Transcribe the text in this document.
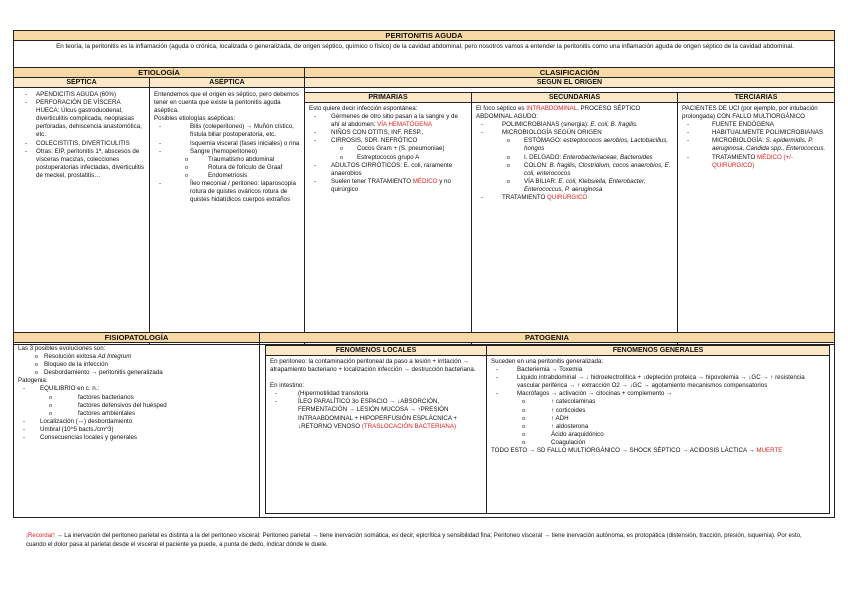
PERITONITIS AGUDA
En teoría, la peritonitis es la inflamación (aguda o crónica, localizada o generalizada, de origen séptico, químico o físico) de la cavidad abdominal, pero nosotros vamos a entender la peritonitis como una inflamación aguda de origen séptico de la cavidad abdominal.
ETIOLOGÍA
SÉPTICA	ASÉPTICA
- APENDICITIS AGUDA (60%)
- PERFORACIÓN DE VÍSCERA HUECA: Úlcus gastroduodenal, diverticulitis complicada, neoplasias perforadas, dehiscencia anastomótica, etc.
- COLECISTITIS, DIVERTICULITIS
- Otras: EIP, peritonitis 1ª, abscesos de vísceras macizas, colecciones postoperatorias infectadas, diverticulitis de meckel, prostatitis…
Entendemos que el origen es séptico, pero debemos tener en cuenta que existe la peritonitis aguda aséptica.
Posibles etiologías asépticas:
- Bilis (coleperitoneo) → Muñón cístico, fístula biliar postoperatoria, etc.
- Isquemia visceral (fases iniciales) o rina
- Sangre (hemoperitoneo)
o Traumatismo abdominal
o Rotura de folículo de Graaf
o Endometriosis
- Íleo meconial / peritoneo: laparoscopia rotura de quistes ováricos rotura de quistes hidatídicos cuerpos extraños
CLASIFICACIÓN
SEGÚN EL ORIGEN
PRIMARIAS	SECUNDARIAS	TERCIARIAS
Esto quiere decir infección espontánea:
- Gérmenes de otro sitio pasan a la sangre y de ahí al abdomen: VÍA HEMATÓGENA
- NIÑOS CON OTITIS, INF. RESP.,
- CIRROSIS, SDR. NEFRÓTICO
o Cocos Gram + (S. pneumoniae)
o Estreptococos grupo A
- ADULTOS CIRRÓTICOS: E. coli, raramente anaerobios
- Suelen tener TRATAMIENTO MÉDICO y no quirúrgico
El foco séptico es INTRABDOMINAL, PROCESO SÉPTICO ABDOMINAL AGUDO:
- POLIMICROBIANAS (sinergia): E. coli, B. fragilis.
- MICROBIOLOGÍA SEGÚN ORIGEN
o ESTÓMAGO: estreptococos aerobios, Lactobacillus, hongos
o I. DELGADO: Enterobacteriaceae, Bacteroides
o COLON: B. fragilis, Clostridium, cocos anaerobios, E. coli, enterococos
o VÍA BILIAR: E. coli, Klebsiella, Enterobacter, Enterococcus, P. aeruginosa
- TRATAMIENTO QUIRÚRGICO
PACIENTES DE UCI (por ejemplo, por intubación prolongada) CON FALLO MULTIORGÁNICO
- FUENTE ENDÓGENA
- HABITUALMENTE POLIMICROBIANAS
- MICROBIOLOGÍA: S. epidermidis, P. aeruginosa, Candida spp., Enterococcus.
- TRATAMIENTO MÉDICO (+/- QUIRÚRGICO)
FISIOPATOLOGÍA
Las 3 posibles evoluciones son:
o Resolución exitosa Ad Integrum
o Bloqueo de la infección
o Desbordamiento → peritonitis generalizada
Patogenia:
- EQUILIBRIO en c. n.:
o factores bacterianos
o factores defensivos del huésped
o factores ambientales
- Localización (↔) desbordamiento
- Umbral (10^5 bacts./cm^3)
- Consecuencias locales y generales
PATOGENIA
FENÓMENOS LOCALES	FENÓMENOS GENERALES
En peritoneo: la contaminación peritoneal da paso a lesión + irritación → atrapamiento bacteriano + localización infección → destrucción bacteriana.
En intestino:
- (Hipermotilidad transitoria
- ÍLEO PARALÍTICO 3o ESPACIO → ↓ABSORCIÓN, FERMENTACIÓN → LESIÓN MUCOSA → ↑PRESIÓN INTRAABDOMINAL + HIPOPERFUSIÓN ESPLÁCNICA + ↓RETORNO VENOSO (TRASLOCACIÓN BACTERIANA)
Suceden en una peritonitis generalizada:
- Bacteriemia → Toxemia
- Líquido intrabdominal → ↓ hidroelectrolítica + ↓depleción proteica → hipovolemia → ↓GC → ↑ resistencia vascular periférica → ↑ extracción O2 → ↓GC → agotamiento mecanismos compensatorios
- Macrófagos → activación → citocinas + complemento →
o ↑ catecolaminas
o ↑ corticoides
o ↑ ADH
o ↑ aldosterona
o Ácido araquidónico
o Coagulación
TODO ESTO → SD FALLO MULTIORGÁNICO → SHOCK SÉPTICO → ACIDOSIS LÁCTICA → MUERTE
¡Recordar! → La inervación del peritoneo parietal es distinta a la del peritoneo visceral: Peritoneo parietal → tiene inervación somática, es decir, epicrítica y sensibilidad fina; Peritoneo visceral → tiene inervación autónoma, es protopática (distensión, tracción, presión, isquemia). Por esto, cuando el dolor pasa al parietal desde el visceral el paciente ya puede, a punta de dedo, indicar dónde le duele.
